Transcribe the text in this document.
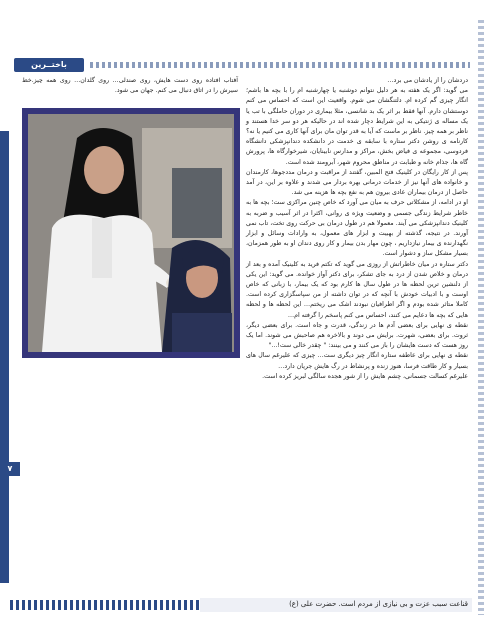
باختــرین

دردشان را از یادشان می برد…

می گوید: اگر یک هفته به هر دلیل نتوانم دوشنبه یا چهارشنبه ام را با بچه ها باشم؛ انگار چیزی گم کرده ام. دلتنگشان می شوم. واقعیت این است که احساس می کنم دوستشان دارم. آنها فقط بر اثر یک بد شانسی، مثلا بیماری در دوران حاملگی با تب یا یک مساله ی ژنتیکی به این شرایط دچار شده اند در حالیکه هر دو سر خدا هستند و ناظر بر همه چیز. ناظر بر ماست که آیا به قدر توان مان برای آنها کاری می کنیم یا نه؟

کارنامه ی روشن دکتر ستاره با سابقه ی خدمت در دانشکده دندانپزشکی دانشگاه فردوسی، مجموعه ی فیاض بخش، مراکز و مدارس نابینایان، شیرخوارگاه ها، پرورش گاه ها، جذام خانه و طبابت در مناطق محروم شهر، آبرومند شده است.

پس از کار رایگان در کلینیک فتح المبین، گفتند از مراقبت و درمان مددجوها، کارمندان و خانواده های آنها نیز از خدمات درمانی بهره بردار می شدند و علاوه بر این، در آمد حاصل از درمان بیماران عادی بیرون هم به نفع بچه ها هزینه می شد.

او در ادامه، از مشکلاتی حرف به میان می آورد که خاص چنین مراکزی ست؛ بچه ها به خاطر شرایط زندگی جسمی و وضعیت ویژه ی روانی، اکثرا در اثر آسیب و ضربه به کلینیک دندانپزشکی می آیند. معمولا هم در طول درمان بی حرکت روی تخت، تاب نمی آورند. در نتیجه، گذشته از بهبیت و ابزار های معمول، به وارادات وسائل و ابزار نگهدارنده ی بیمار نیازداریم ، چون مهار بدن بیمار و کار روی دندان او به طور همزمان، بسیار مشکل ساز و دشوار است.

دکتر ستاره در میان خاطراتش از روزی می گوید که تکتم فرید به کلینیک آمده و بعد از درمان و خلاص شدن از درد به جای تشکر، برای دکتر آواز خوانده. می گوید: این یکی از دلنشین ترین لحظه ها در طول سال ها کارم بود که یک بیمار، با زبانی که خاص اوست و با ادبیات خودش با آنچه که در توان داشته از من سپاسگزاری کرده است. کاملا متاثر شده بودم و اگر اطرافیان نبودند اشک می ریختم… این لحظه ها و لحظه هایی که بچه ها دعایم می کنند، احساس می کنم پاسخم را گرفته ام…

نقطه ی نهایی برای بعضی آدم ها در زندگی، قدرت و جاه است. برای بعضی دیگر، ثروت. برای بعضی، شهرت. برایش می دوند و بالاخره هم صاحبش می شوند. اما یک روز هست که دست هایشان را باز می کنند و می بینند: " چقدر خالی ست!..."

نقطه ی نهایی برای عاطفه ستاره انگار چیز دیگری ست… چیزی که علیرغم سال های بسیار و کار طاقت فرسا، هنوز زنده و پرنشاط در رگ هایش جریان دارد…

علیرغم کسالت جسمانی، چشم هایش را از شور هجده سالگی لبریز کرده است.

آفتاب افتاده روی دست هایش، روی صندلی… روی گلدان… روی همه چیز.خط سیرش را در اتاق دنبال می کنم. جهان می شود.
۷
قناعت سبب عزت و بی نیازی از مردم است. حضرت علی (ع)
